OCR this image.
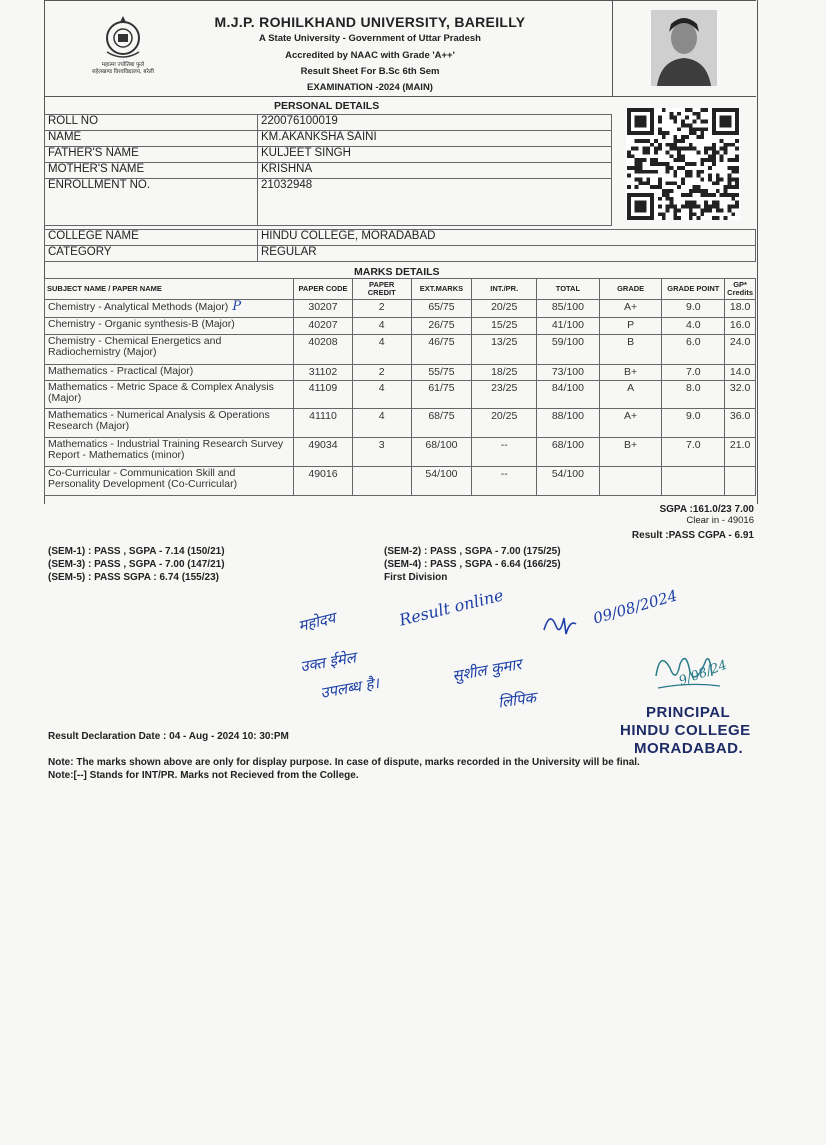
महात्मा ज्योतिबा फुले
रुहेलखण्ड विश्वविद्यालय, बरेली
M.J.P. ROHILKHAND UNIVERSITY, BAREILLY
A State University - Government of Uttar Pradesh
Accredited by NAAC with Grade 'A++'
Result Sheet For B.Sc 6th Sem
EXAMINATION -2024 (MAIN)
PERSONAL DETAILS
ROLL NO	220076100019
NAME	KM.AKANKSHA SAINI
FATHER'S NAME	KULJEET SINGH
MOTHER'S NAME	KRISHNA
ENROLLMENT NO.	21032948
COLLEGE NAME	HINDU COLLEGE, MORADABAD
CATEGORY	REGULAR
MARKS DETAILS
SUBJECT NAME / PAPER NAME	PAPER CODE	PAPER CREDIT	EXT.MARKS	INT./PR.	TOTAL	GRADE	GRADE POINT	GP* Credits
Chemistry - Analytical Methods (Major) P	30207	2	65/75	20/25	85/100	A+	9.0	18.0
Chemistry - Organic synthesis-B (Major)	40207	4	26/75	15/25	41/100	P	4.0	16.0
Chemistry - Chemical Energetics and Radiochemistry (Major)	40208	4	46/75	13/25	59/100	B	6.0	24.0
Mathematics - Practical (Major)	31102	2	55/75	18/25	73/100	B+	7.0	14.0
Mathematics - Metric Space & Complex Analysis (Major)	41109	4	61/75	23/25	84/100	A	8.0	32.0
Mathematics - Numerical Analysis & Operations Research (Major)	41110	4	68/75	20/25	88/100	A+	9.0	36.0
Mathematics - Industrial Training Research Survey Report - Mathematics (minor)	49034	3	68/100	--	68/100	B+	7.0	21.0
Co-Curricular - Communication Skill and Personality Development (Co-Curricular)	49016		54/100	--	54/100			
SGPA :161.0/23 7.00
Clear in - 49016
Result :PASS CGPA - 6.91
(SEM-1) : PASS , SGPA - 7.14 (150/21)	(SEM-2) : PASS , SGPA - 7.00 (175/25)
(SEM-3) : PASS , SGPA - 7.00 (147/21)	(SEM-4) : PASS , SGPA - 6.64 (166/25)
(SEM-5) : PASS SGPA : 6.74 (155/23)	First Division
महोदय	Result online
उक्त ईमेल
उपलब्ध है।
सुशील कुमार
लिपिक
09/08/2024
9/08/24
PRINCIPAL
HINDU COLLEGE
MORADABAD.
Result Declaration Date : 04 - Aug - 2024 10: 30:PM
Note: The marks shown above are only for display purpose. In case of dispute, marks recorded in the University will be final.
Note:[--] Stands for INT/PR. Marks not Recieved from the College.
